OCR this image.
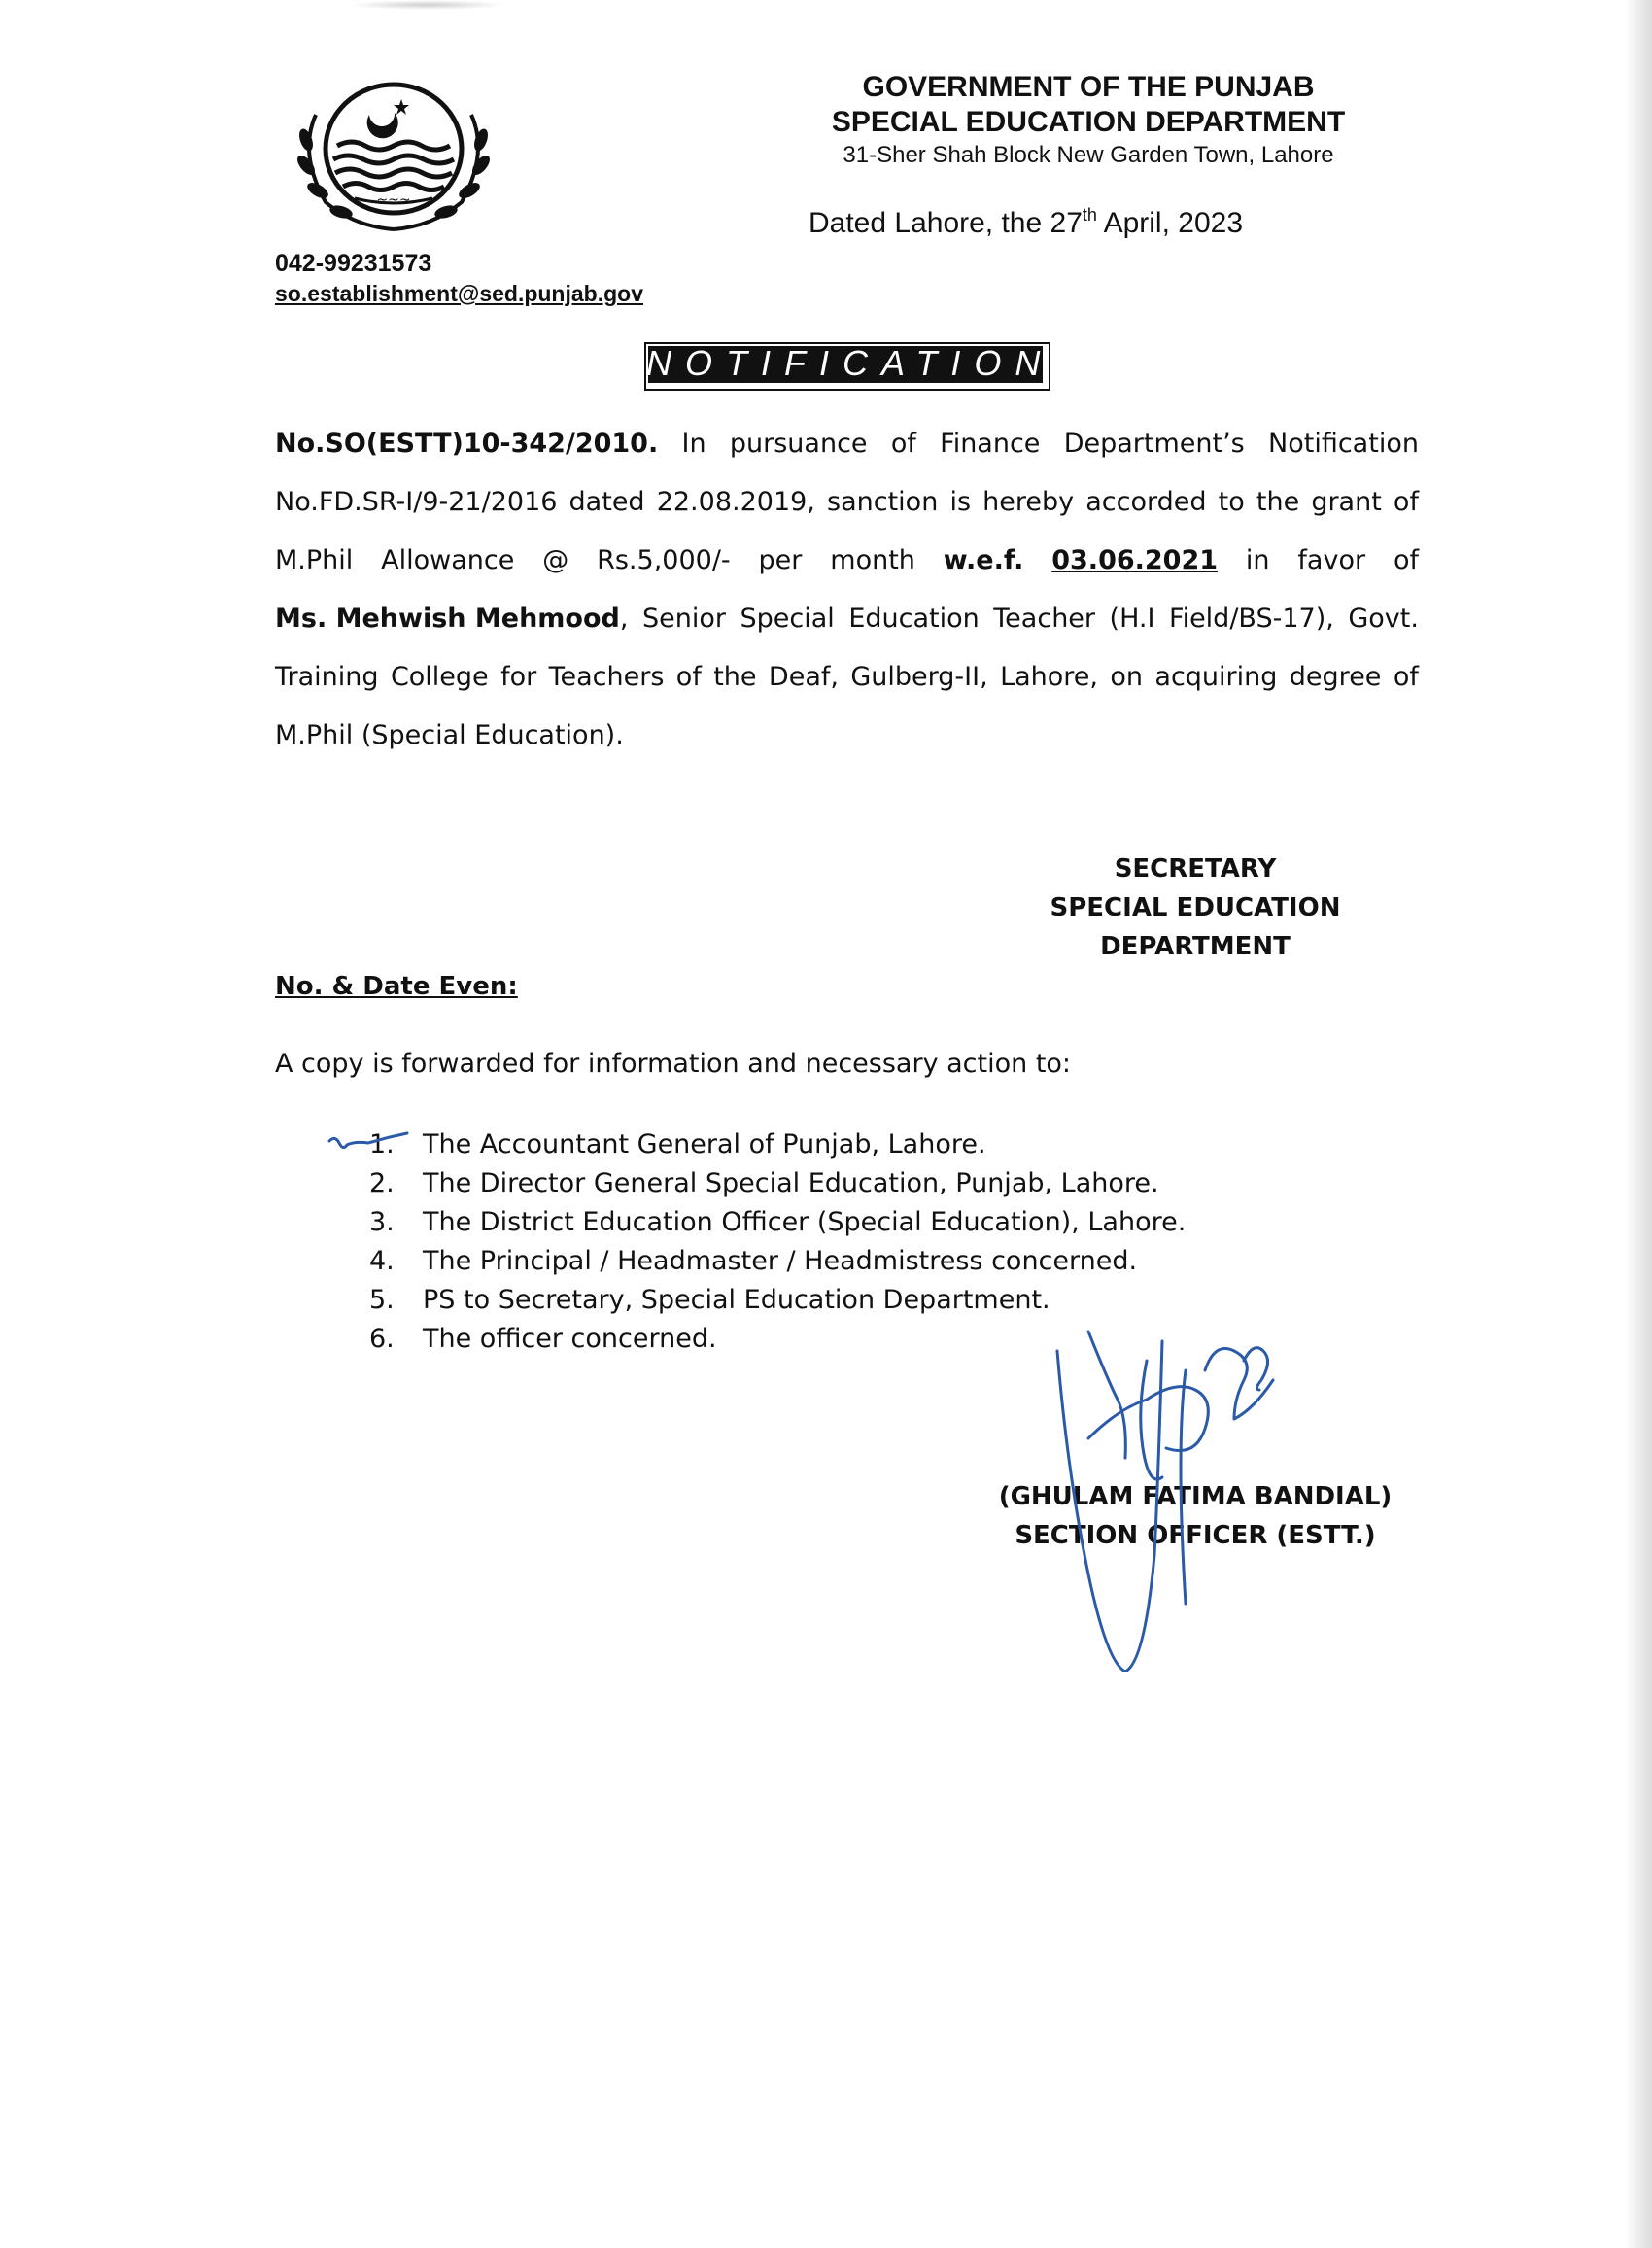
~~~
GOVERNMENT OF THE PUNJAB
SPECIAL EDUCATION DEPARTMENT
31-Sher Shah Block New Garden Town, Lahore
Dated Lahore, the 27th April, 2023
042-99231573
so.establishment@sed.punjab.gov
NOTIFICATION
No.SO(ESTT)10-342/2010. In pursuance of Finance Department’s Notification
No.FD.SR-I/9-21/2016 dated 22.08.2019, sanction is hereby accorded to the grant of
M.Phil Allowance @ Rs.5,000/- per month w.e.f. 03.06.2021 in favor of
Ms. Mehwish Mehmood, Senior Special Education Teacher (H.I Field/BS-17), Govt.
Training College for Teachers of the Deaf, Gulberg-II, Lahore, on acquiring degree of
M.Phil (Special Education).
SECRETARY
SPECIAL EDUCATION
DEPARTMENT
No. & Date Even:
A copy is forwarded for information and necessary action to:
1.	The Accountant General of Punjab, Lahore.
2.	The Director General Special Education, Punjab, Lahore.
3.	The District Education Officer (Special Education), Lahore.
4.	The Principal / Headmaster / Headmistress concerned.
5.	PS to Secretary, Special Education Department.
6.	The officer concerned.
(GHULAM FATIMA BANDIAL)
SECTION OFFICER (ESTT.)
